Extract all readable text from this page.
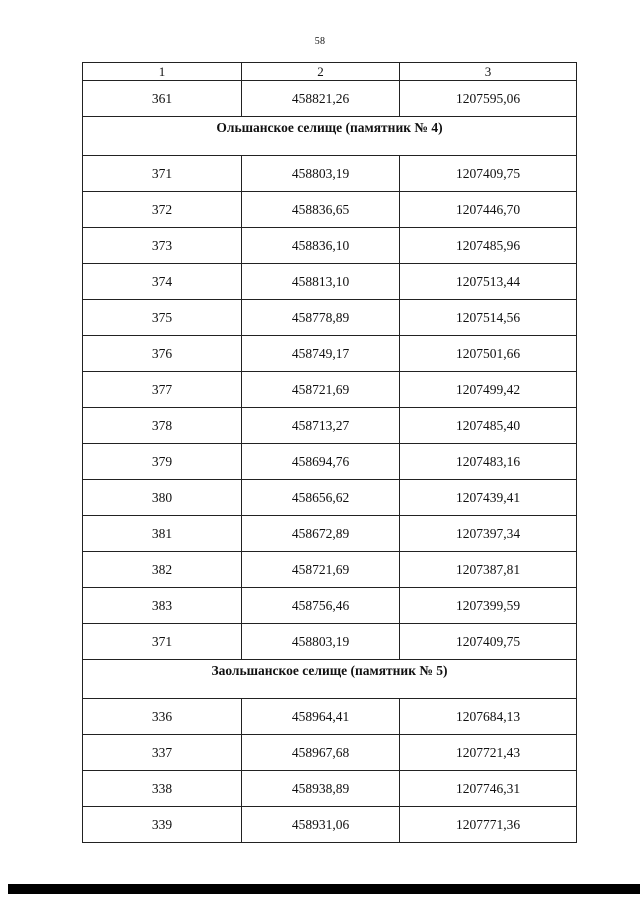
58
1	2	3
361	458821,26	1207595,06
Ольшанское селище (памятник № 4)		
371	458803,19	1207409,75
372	458836,65	1207446,70
373	458836,10	1207485,96
374	458813,10	1207513,44
375	458778,89	1207514,56
376	458749,17	1207501,66
377	458721,69	1207499,42
378	458713,27	1207485,40
379	458694,76	1207483,16
380	458656,62	1207439,41
381	458672,89	1207397,34
382	458721,69	1207387,81
383	458756,46	1207399,59
371	458803,19	1207409,75
Заольшанское селище (памятник № 5)		
336	458964,41	1207684,13
337	458967,68	1207721,43
338	458938,89	1207746,31
339	458931,06	1207771,36
